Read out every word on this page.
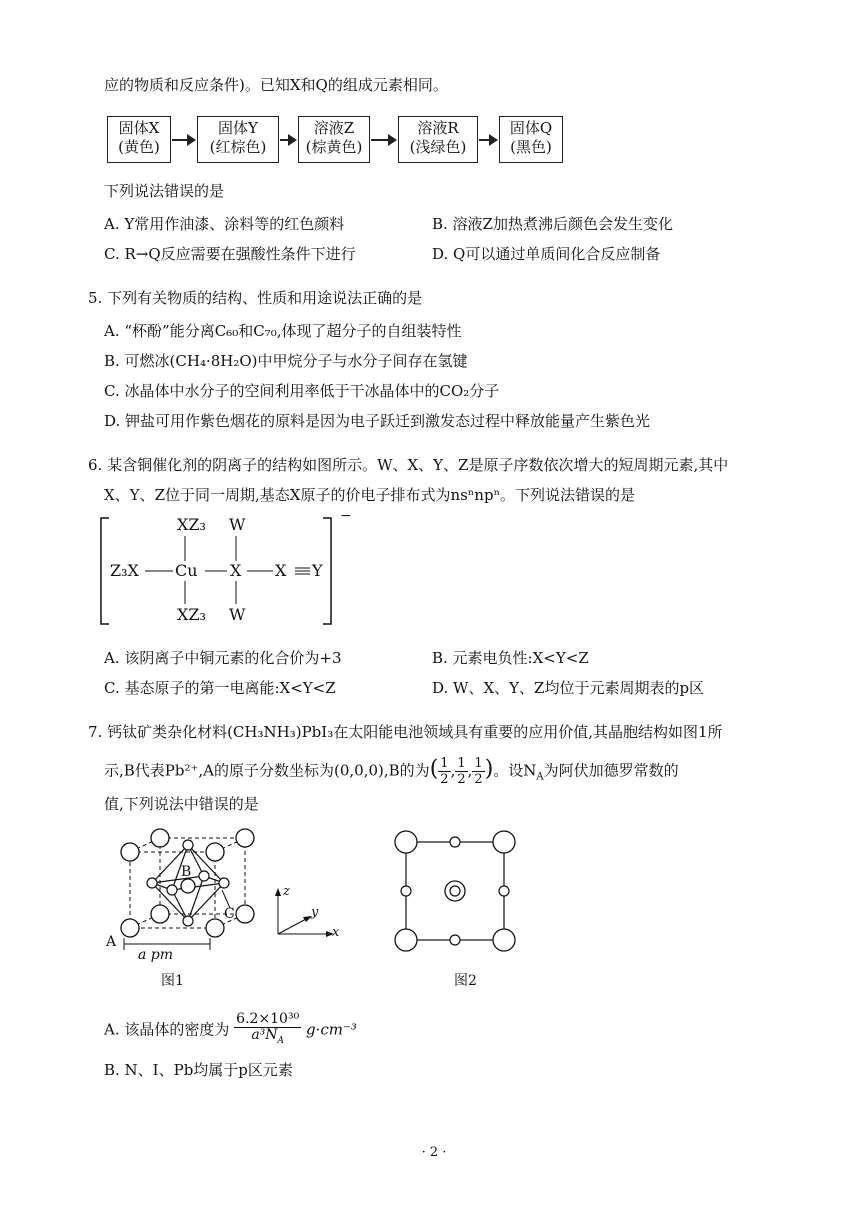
应的物质和反应条件)。已知X和Q的组成元素相同。
固体X
(黄色)
固体Y
(红棕色)
溶液Z
(棕黄色)
溶液R
(浅绿色)
固体Q
(黑色)
下列说法错误的是
A. Y常用作油漆、涂料等的红色颜料	B. 溶液Z加热煮沸后颜色会发生变化
C. R→Q反应需要在强酸性条件下进行	D. Q可以通过单质间化合反应制备
5. 下列有关物质的结构、性质和用途说法正确的是
A. “杯酚”能分离C₆₀和C₇₀,体现了超分子的自组装特性
B. 可燃冰(CH₄·8H₂O)中甲烷分子与水分子间存在氢键
C. 冰晶体中水分子的空间利用率低于干冰晶体中的CO₂分子
D. 钾盐可用作紫色烟花的原料是因为电子跃迁到激发态过程中释放能量产生紫色光
6. 某含铜催化剂的阴离子的结构如图所示。W、X、Y、Z是原子序数依次增大的短周期元素,其中
X、Y、Z位于同一周期,基态X原子的价电子排布式为nsⁿnpⁿ。下列说法错误的是
XZ₃ W
Z₃X Cu X X Y
XZ₃ W
−
A. 该阴离子中铜元素的化合价为+3	B. 元素电负性:X<Y<Z
C. 基态原子的第一电离能:X<Y<Z	D. W、X、Y、Z均位于元素周期表的p区
7. 钙钛矿类杂化材料(CH₃NH₃)PbI₃在太阳能电池领域具有重要的应用价值,其晶胞结构如图1所
示,B代表Pb²⁺,A的原子分数坐标为(0,0,0),B的为( $\frac{1}{2}$ , $\frac{1}{2}$ , $\frac{1}{2}$ )。设$N_A$为阿伏加德罗常数的
值,下列说法中错误的是
A
B
C
a pm
z
y
x
图1	图2
A. 该晶体的密度为 $\frac{\text{6.2×10³⁰}}{a^3N_A} g\cdot cm^{-3}$
B. N、I、Pb均属于p区元素
· 2 ·
